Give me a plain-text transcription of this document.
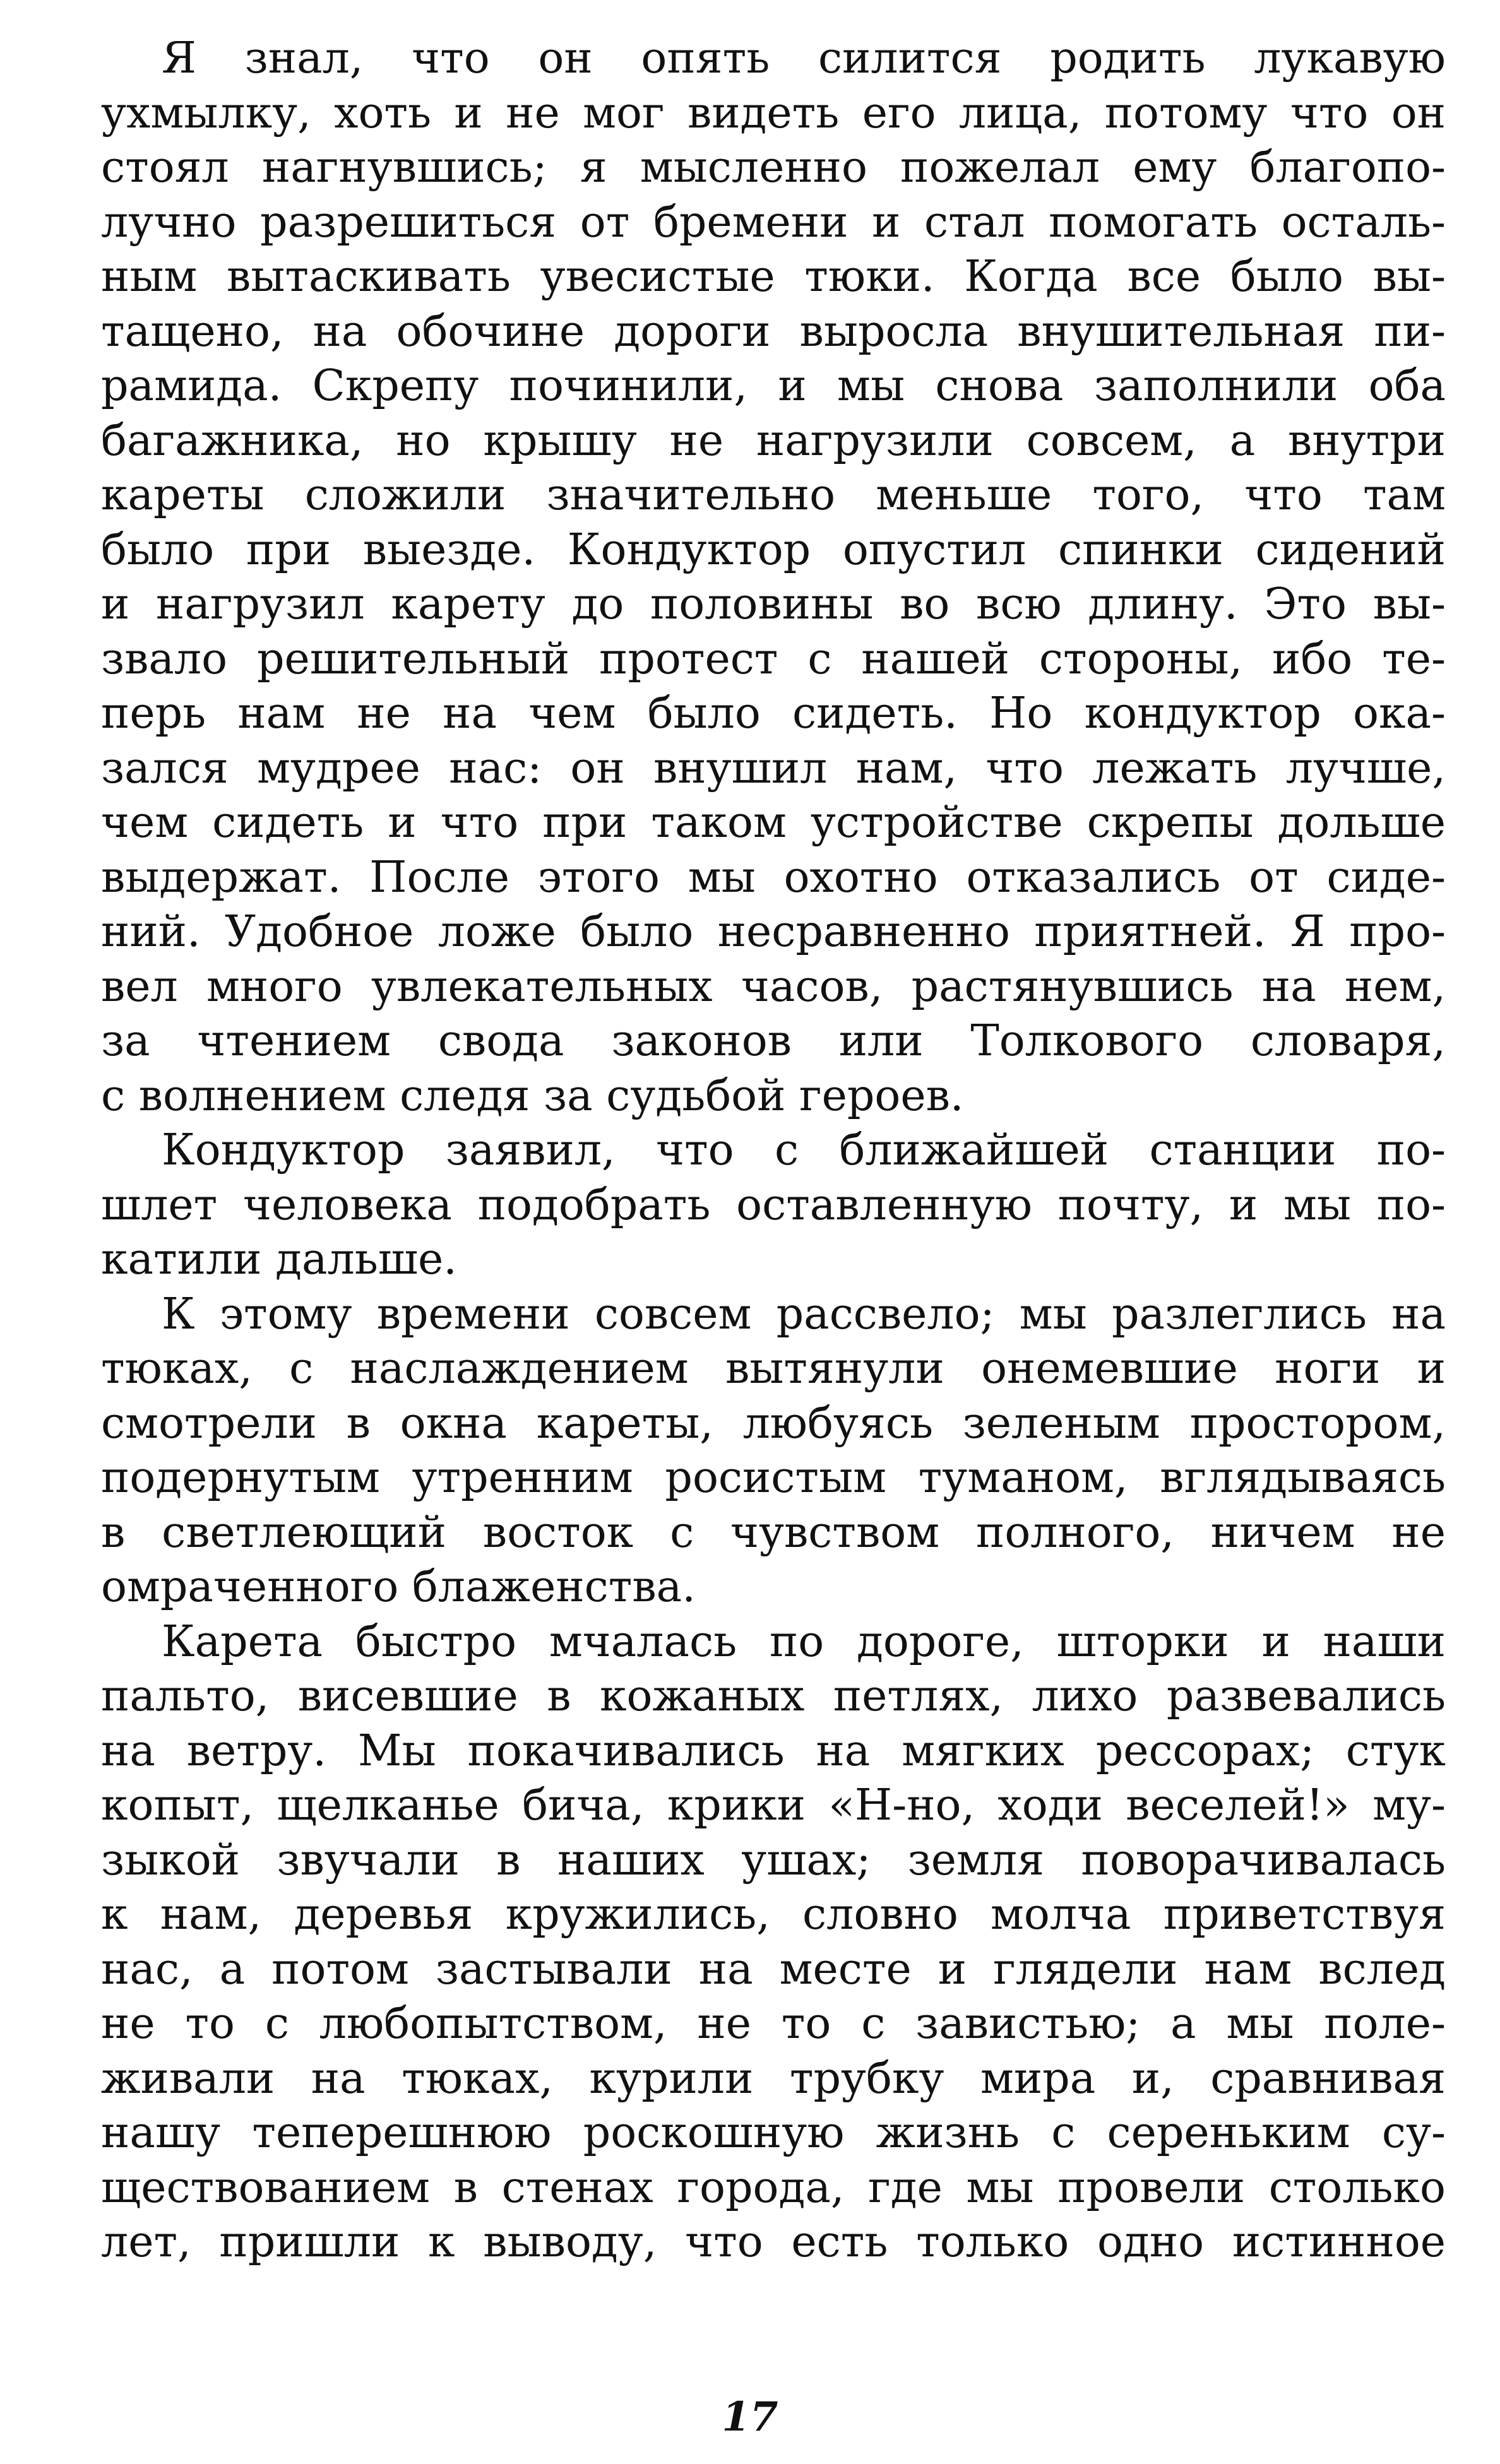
Я знал, что он опять силится родить лукавую
ухмылку, хоть и не мог видеть его лица, потому что он
стоял нагнувшись; я мысленно пожелал ему благопо-
лучно разрешиться от бремени и стал помогать осталь-
ным вытаскивать увесистые тюки. Когда все было вы-
тащено, на обочине дороги выросла внушительная пи-
рамида. Скрепу починили, и мы снова заполнили оба
багажника, но крышу не нагрузили совсем, а внутри
кареты сложили значительно меньше того, что там
было при выезде. Кондуктор опустил спинки сидений
и нагрузил карету до половины во всю длину. Это вы-
звало решительный протест с нашей стороны, ибо те-
перь нам не на чем было сидеть. Но кондуктор ока-
зался мудрее нас: он внушил нам, что лежать лучше,
чем сидеть и что при таком устройстве скрепы дольше
выдержат. После этого мы охотно отказались от сиде-
ний. Удобное ложе было несравненно приятней. Я про-
вел много увлекательных часов, растянувшись на нем,
за чтением свода законов или Толкового словаря,
с волнением следя за судьбой героев.
Кондуктор заявил, что с ближайшей станции по-
шлет человека подобрать оставленную почту, и мы по-
катили дальше.
К этому времени совсем рассвело; мы разлеглись на
тюках, с наслаждением вытянули онемевшие ноги и
смотрели в окна кареты, любуясь зеленым простором,
подернутым утренним росистым туманом, вглядываясь
в светлеющий восток с чувством полного, ничем не
омраченного блаженства.
Карета быстро мчалась по дороге, шторки и наши
пальто, висевшие в кожаных петлях, лихо развевались
на ветру. Мы покачивались на мягких рессорах; стук
копыт, щелканье бича, крики «Н-но, ходи веселей!» му-
зыкой звучали в наших ушах; земля поворачивалась
к нам, деревья кружились, словно молча приветствуя
нас, а потом застывали на месте и глядели нам вслед
не то с любопытством, не то с завистью; а мы поле-
живали на тюках, курили трубку мира и, сравнивая
нашу теперешнюю роскошную жизнь с сереньким су-
ществованием в стенах города, где мы провели столько
лет, пришли к выводу, что есть только одно истинное
17
